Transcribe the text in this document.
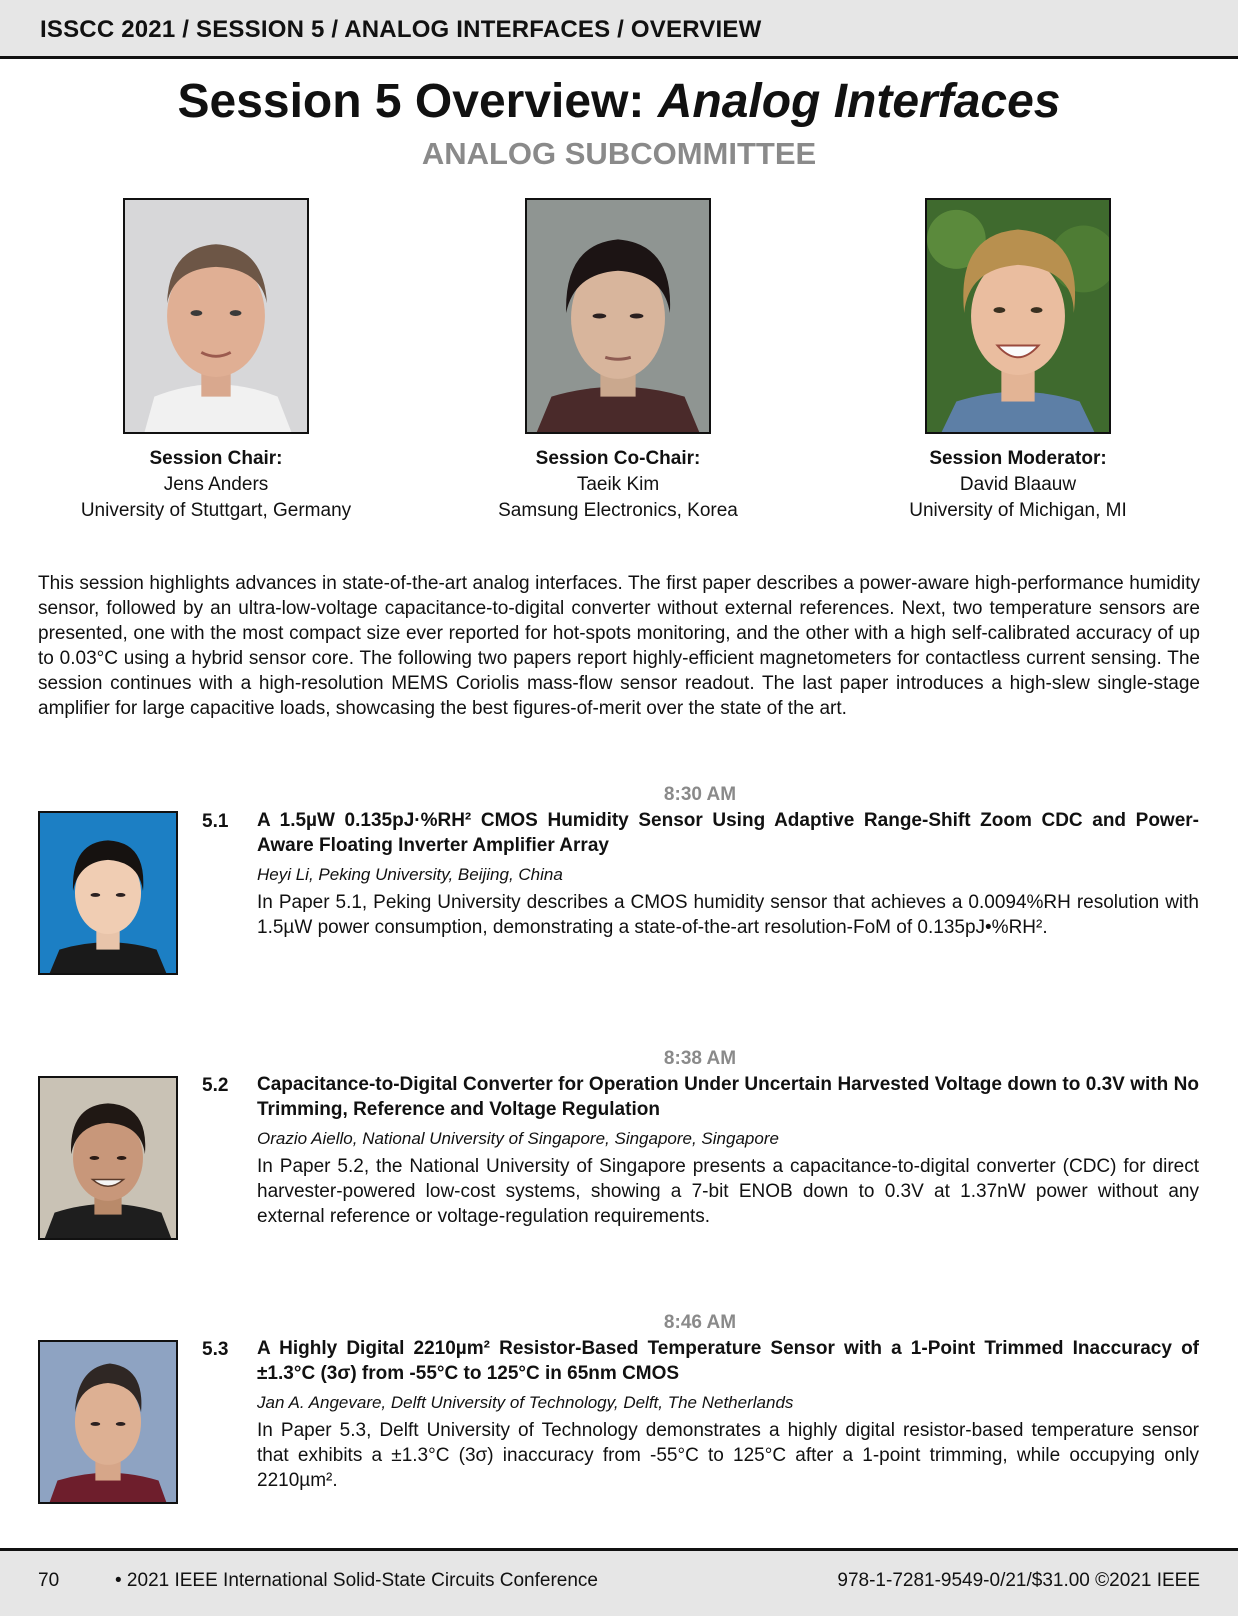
ISSCC 2021 / SESSION 5 / ANALOG INTERFACES / OVERVIEW
Session 5 Overview: Analog Interfaces
ANALOG SUBCOMMITTEE
Session Chair:
Jens Anders
University of Stuttgart, Germany
Session Co-Chair:
Taeik Kim
Samsung Electronics, Korea
Session Moderator:
David Blaauw
University of Michigan, MI
This session highlights advances in state-of-the-art analog interfaces. The first paper describes a power-aware high-performance humidity sensor, followed by an ultra-low-voltage capacitance-to-digital converter without external references. Next, two temperature sensors are presented, one with the most compact size ever reported for hot-spots monitoring, and the other with a high self-calibrated accuracy of up to 0.03°C using a hybrid sensor core. The following two papers report highly-efficient magnetometers for contactless current sensing. The session continues with a high-resolution MEMS Coriolis mass-flow sensor readout. The last paper introduces a high-slew single-stage amplifier for large capacitive loads, showcasing the best figures-of-merit over the state of the art.
8:30 AM
5.1 A 1.5µW 0.135pJ·%RH² CMOS Humidity Sensor Using Adaptive Range-Shift Zoom CDC and Power-Aware Floating Inverter Amplifier Array
Heyi Li, Peking University, Beijing, China
In Paper 5.1, Peking University describes a CMOS humidity sensor that achieves a 0.0094%RH resolution with 1.5µW power consumption, demonstrating a state-of-the-art resolution-FoM of 0.135pJ•%RH².
8:38 AM
5.2 Capacitance-to-Digital Converter for Operation Under Uncertain Harvested Voltage down to 0.3V with No Trimming, Reference and Voltage Regulation
Orazio Aiello, National University of Singapore, Singapore, Singapore
In Paper 5.2, the National University of Singapore presents a capacitance-to-digital converter (CDC) for direct harvester-powered low-cost systems, showing a 7-bit ENOB down to 0.3V at 1.37nW power without any external reference or voltage-regulation requirements.
8:46 AM
5.3 A Highly Digital 2210µm² Resistor-Based Temperature Sensor with a 1-Point Trimmed Inaccuracy of ±1.3°C (3σ) from -55°C to 125°C in 65nm CMOS
Jan A. Angevare, Delft University of Technology, Delft, The Netherlands
In Paper 5.3, Delft University of Technology demonstrates a highly digital resistor-based temperature sensor that exhibits a ±1.3°C (3σ) inaccuracy from -55°C to 125°C after a 1-point trimming, while occupying only 2210µm².
70	• 2021 IEEE International Solid-State Circuits Conference	978-1-7281-9549-0/21/$31.00 ©2021 IEEE
